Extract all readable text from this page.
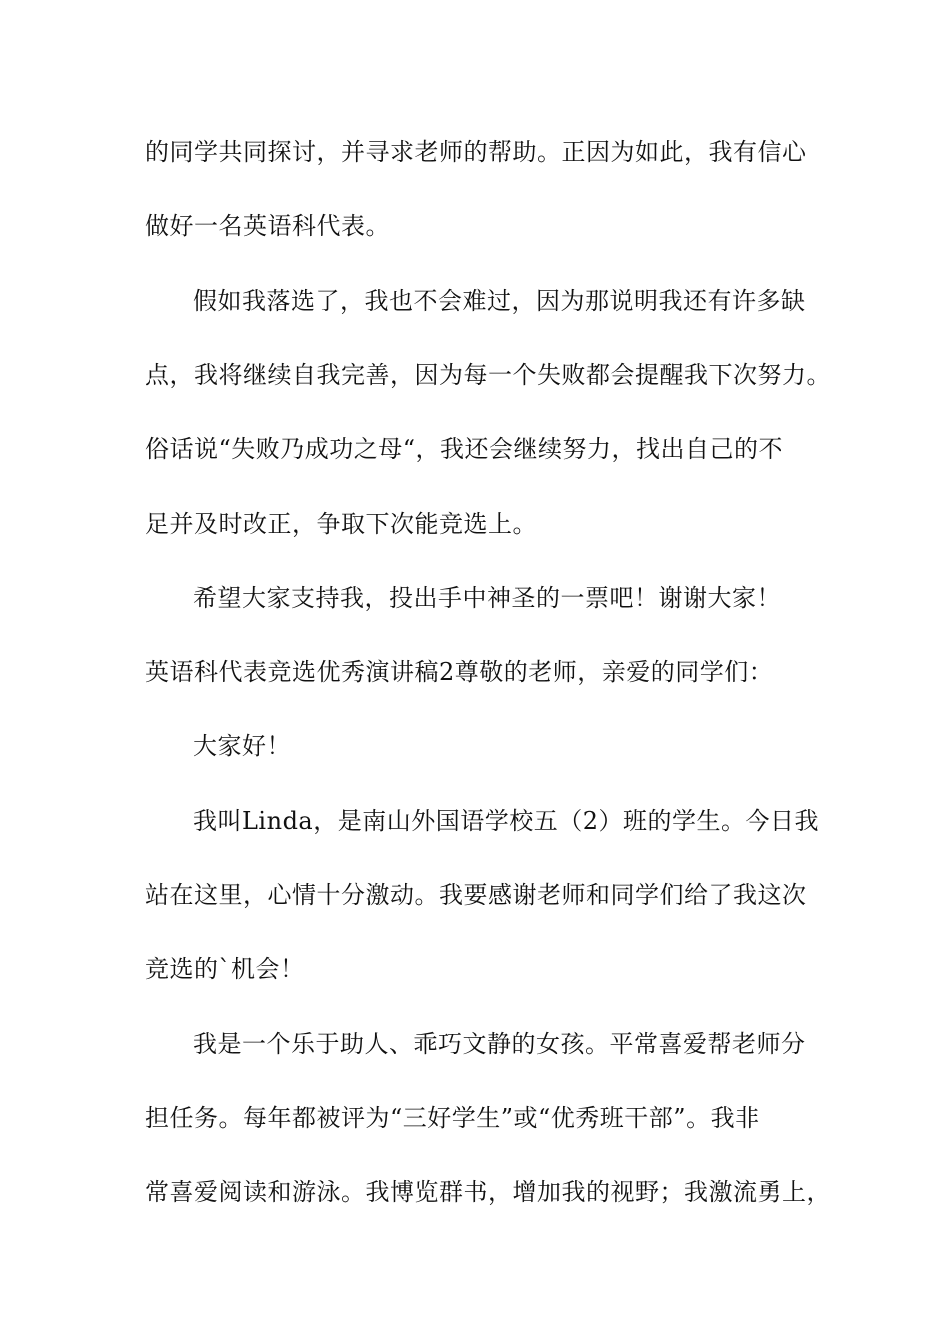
的同学共同探讨，并寻求老师的帮助。正因为如此，我有信心
做好一名英语科代表。
假如我落选了，我也不会难过，因为那说明我还有许多缺
点，我将继续自我完善，因为每一个失败都会提醒我下次努力。
俗话说“失败乃成功之母“，我还会继续努力，找出自己的不
足并及时改正，争取下次能竞选上。
希望大家支持我，投出手中神圣的一票吧！谢谢大家！
英语科代表竞选优秀演讲稿2尊敬的老师，亲爱的同学们：
大家好！
我叫Linda，是南山外国语学校五（2）班的学生。今日我
站在这里，心情十分激动。我要感谢老师和同学们给了我这次
竞选的`机会！
我是一个乐于助人、乖巧文静的女孩。平常喜爱帮老师分
担任务。每年都被评为“三好学生”或“优秀班干部”。我非
常喜爱阅读和游泳。我博览群书，增加我的视野；我激流勇上，
